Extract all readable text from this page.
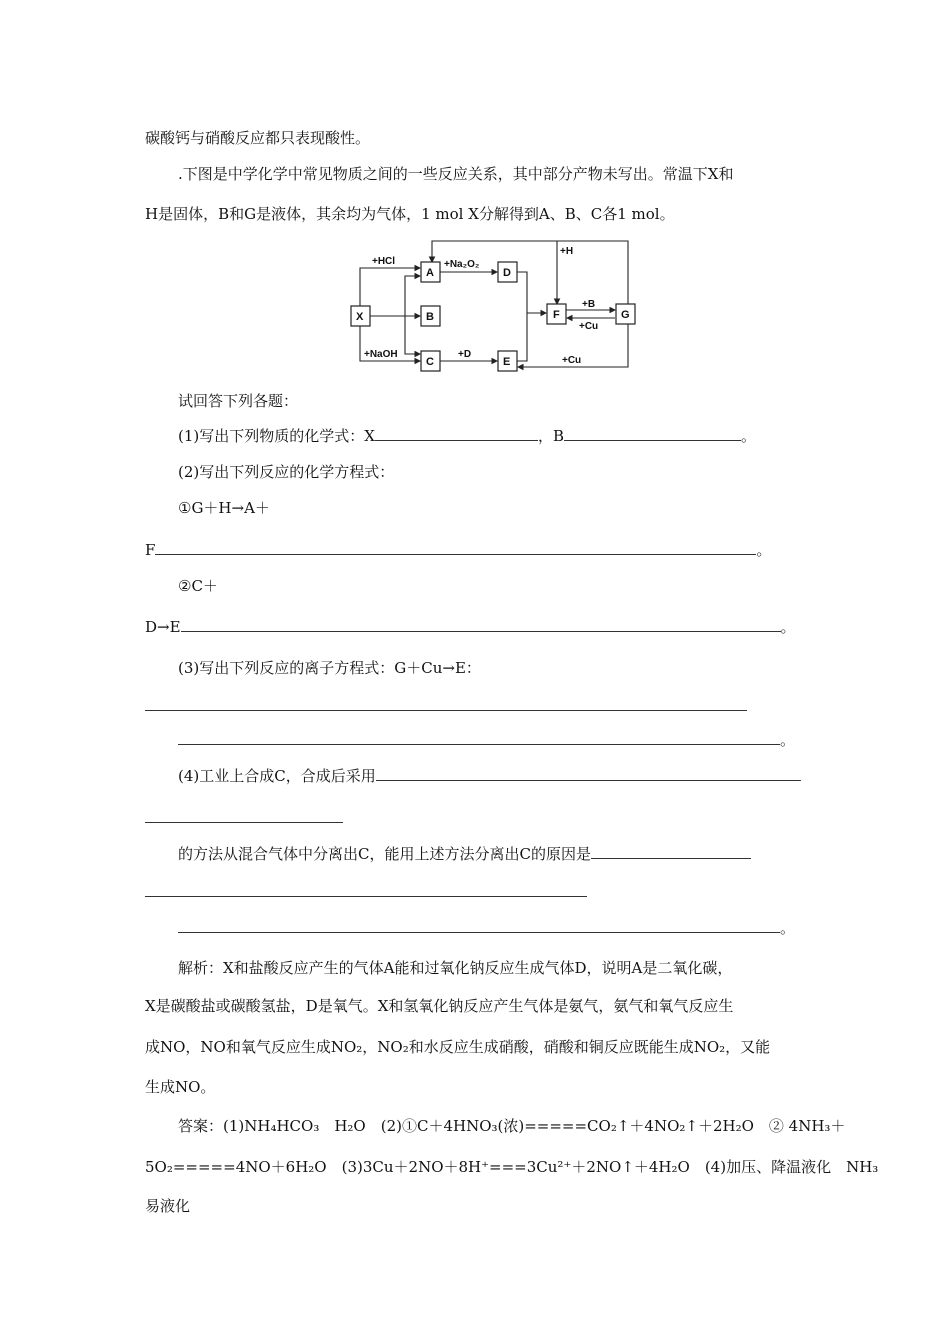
碳酸钙与硝酸反应都只表现酸性。
.下图是中学化学中常见物质之间的一些反应关系，其中部分产物未写出。常温下X和
H是固体，B和G是液体，其余均为气体，1 mol X分解得到A、B、C各1 mol。
X
A
B
C
D
E
F	G
+HCl	+Na₂O₂
+NaOH	+D
+H
+B
+Cu
+Cu
试回答下列各题：
(1)写出下列物质的化学式：X	，B	。
(2)写出下列反应的化学方程式：
①G＋H→A＋
F	。
②C＋
D→E	。
(3)写出下列反应的离子方程式：G＋Cu→E：
。
(4)工业上合成C，合成后采用
的方法从混合气体中分离出C，能用上述方法分离出C的原因是
。
解析：X和盐酸反应产生的气体A能和过氧化钠反应生成气体D，说明A是二氧化碳，
X是碳酸盐或碳酸氢盐，D是氧气。X和氢氧化钠反应产生气体是氨气，氨气和氧气反应生
成NO，NO和氧气反应生成NO₂，NO₂和水反应生成硝酸，硝酸和铜反应既能生成NO₂，又能
生成NO。
答案：(1)NH₄HCO₃　H₂O　(2)①C＋4HNO₃(浓)=====CO₂↑＋4NO₂↑＋2H₂O　② 4NH₃＋
5O₂=====4NO＋6H₂O　(3)3Cu＋2NO＋8H⁺===3Cu²⁺＋2NO↑＋4H₂O　(4)加压、降温液化　NH₃
易液化
